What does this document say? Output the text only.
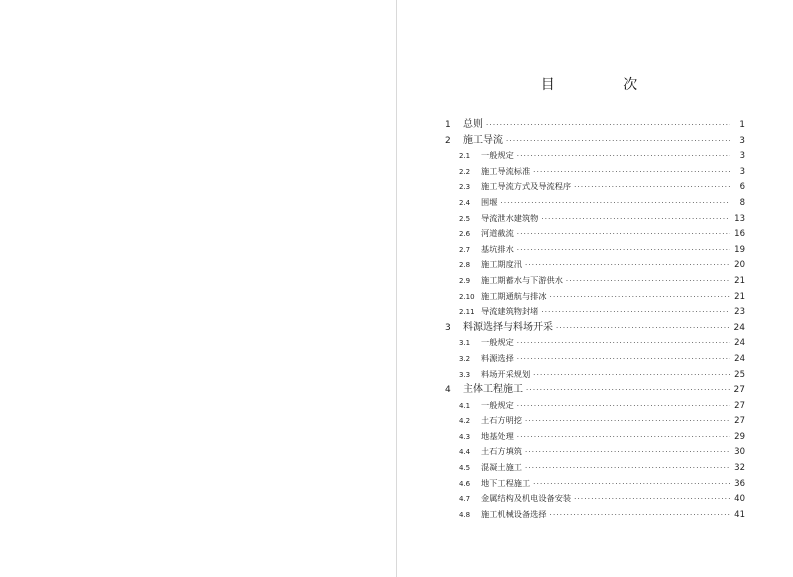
目 次
1	总则 ·····	1
2	施工导流 ·····	3
2.1	一般规定 ·····	3
2.2	施工导流标准 ·····	3
2.3	施工导流方式及导流程序 ·····	6
2.4	围堰 ·····	8
2.5	导流泄水建筑物 ·····	13
2.6	河道截流 ·····	16
2.7	基坑排水 ·····	19
2.8	施工期度汛 ·····	20
2.9	施工期蓄水与下游供水 ·····	21
2.10 施工期通航与排冰 ·····	21
2.11 导流建筑物封堵 ·····	23
3	料源选择与料场开采 ·····	24
3.1	一般规定 ·····	24
3.2	料源选择 ·····	24
3.3	料场开采规划 ·····	25
4	主体工程施工 ·····	27
4.1	一般规定 ·····	27
4.2	土石方明挖 ·····	27
4.3	地基处理 ·····	29
4.4	土石方填筑 ·····	30
4.5	混凝土施工 ·····	32
4.6	地下工程施工 ·····	36
4.7	金属结构及机电设备安装 ·····	40
4.8	施工机械设备选择 ·····	41
